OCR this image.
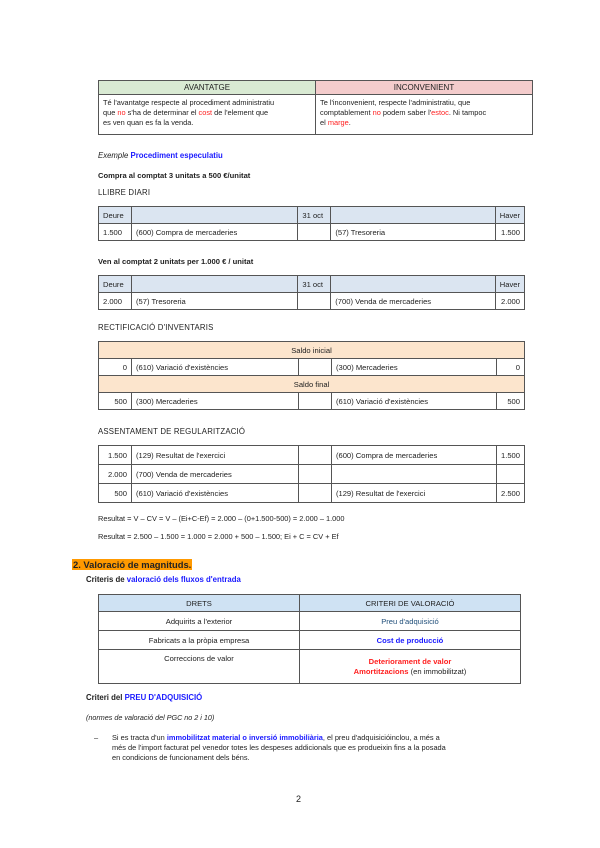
AVANTATGE	INCONVENIENT
Té l'avantatge respecte al procediment administratiu
que no s'ha de determinar el cost de l'element que
es ven quan es fa la venda.	Te l'inconvenient, respecte l'administratiu, que
comptablement no podem saber l'estoc. Ni tampoc
el marge.
Exemple Procediment especulatiu
Compra al comptat 3 unitats a 500 €/unitat
LLIBRE DIARI
Deure		31 oct		Haver
1.500	(600) Compra de mercaderies		(57) Tresoreria	1.500
Ven al comptat 2 unitats per 1.000 € / unitat
Deure		31 oct		Haver
2.000	(57) Tresoreria		(700) Venda de mercaderies	2.000
RECTIFICACIÓ D'INVENTARIS
Saldo inicial				
0	(610) Variació d'existències		(300) Mercaderies	0
Saldo final				
500	(300) Mercaderies		(610) Variació d'existències	500
ASSENTAMENT DE REGULARITZACIÓ
1.500	(129) Resultat de l'exercici		(600) Compra de mercaderies	1.500
2.000	(700) Venda de mercaderies			
500	(610) Variació d'existències		(129) Resultat de l'exercici	2.500
Resultat = V – CV = V – (Ei+C-Ef) = 2.000 – (0+1.500-500) = 2.000 – 1.000
Resultat = 2.500 – 1.500 = 1.000 = 2.000 + 500 – 1.500; Ei + C = CV + Ef
2. Valoració de magnituds.
Criteris de valoració dels fluxos d'entrada
DRETS	CRITERI DE VALORACIÓ
Adquirits a l'exterior	Preu d'adquisició
Fabricats a la pròpia empresa	Cost de producció
Correccions de valor	Deteriorament de valor
Amortitzacions (en immobilitzat)
Criteri del PREU D'ADQUISICIÓ
(normes de valoració del PGC no 2 i 10)
– Si es tracta d'un immobilitzat material o inversió immobiliària, el preu d'adquisicióinclou, a més a
més de l'import facturat pel venedor totes les despeses addicionals que es produeixin fins a la posada
en condicions de funcionament dels béns.
2
